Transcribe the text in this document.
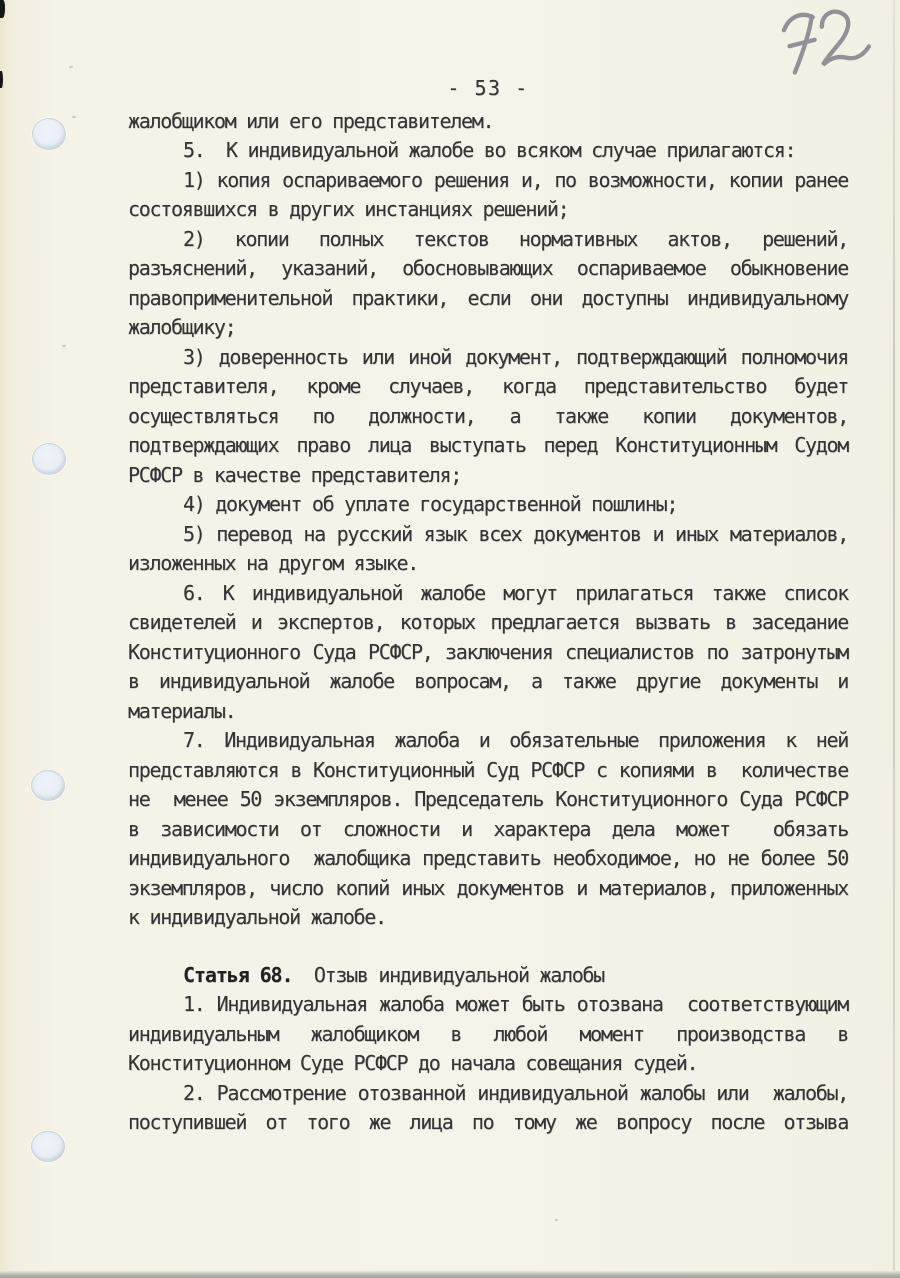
- 53 -
жалобщиком или его представителем.
5.  К индивидуальной жалобе во всяком случае прилагаются:
1) копия оспариваемого решения и, по возможности, копии ранее
состоявшихся в других инстанциях решений;
2) копии полных текстов нормативных актов, решений,
разъяснений, указаний, обосновывающих оспариваемое обыкновение
правоприменительной практики, если они доступны индивидуальному
жалобщику;
3) доверенность или иной документ, подтверждающий полномочия
представителя, кроме случаев, когда представительство будет
осуществляться по должности, а также копии документов,
подтверждающих право лица выступать перед Конституционным Судом
РСФСР в качестве представителя;
4) документ об уплате государственной пошлины;
5) перевод на русский язык всех документов и иных материалов,
изложенных на другом языке.
6. К индивидуальной жалобе могут прилагаться также список
свидетелей и экспертов, которых предлагается вызвать в заседание
Конституционного Суда РСФСР, заключения специалистов по затронутым
в индивидуальной жалобе вопросам, а также другие документы и
материалы.
7. Индивидуальная жалоба и обязательные приложения к ней
представляются в Конституционный Суд РСФСР с копиями в  количестве
не  менее 50 экземпляров. Председатель Конституционного Суда РСФСР
в зависимости от сложности и характера дела может  обязать
индивидуального  жалобщика представить необходимое, но не более 50
экземпляров, число копий иных документов и материалов, приложенных
к индивидуальной жалобе.
Статья 68.  Отзыв индивидуальной жалобы
1. Индивидуальная жалоба может быть отозвана  соответствующим
индивидуальным жалобщиком в любой момент производства в
Конституционном Суде РСФСР до начала совещания судей.
2. Рассмотрение отозванной индивидуальной жалобы или  жалобы,
поступившей от того же лица по тому же вопросу после отзыва
